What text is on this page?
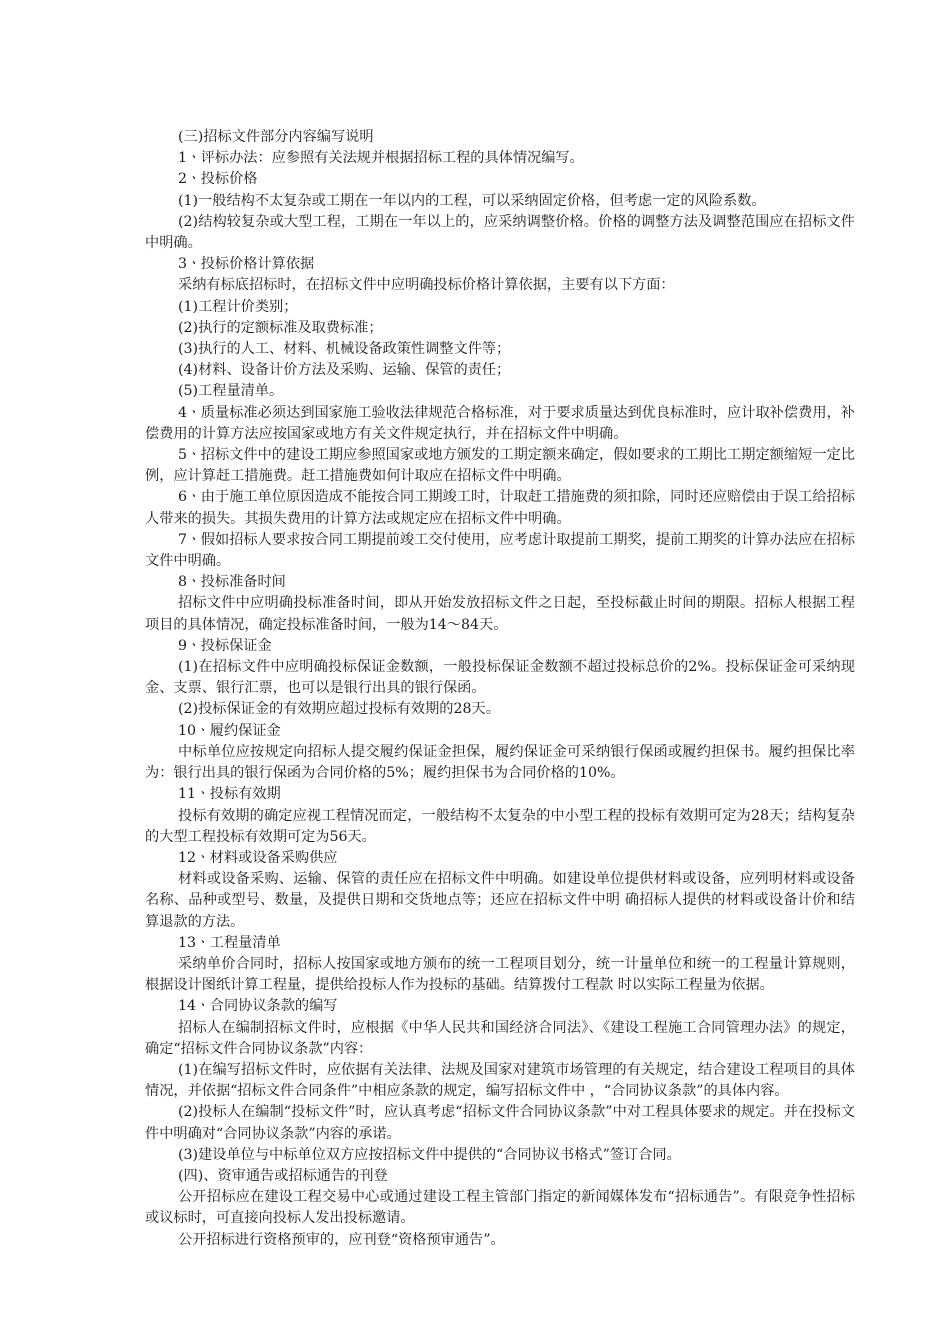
(三)招标文件部分内容编写说明

1ㆍ评标办法：应参照有关法规并根据招标工程的具体情况编写。

2ㆍ投标价格

(1)一般结构不太复杂或工期在一年以内的工程，可以采纳固定价格，但考虑一定的风险系数。

(2)结构较复杂或大型工程，工期在一年以上的，应采纳调整价格。价格的调整方法及调整范围应在招标文件中明确。

3ㆍ投标价格计算依据

采纳有标底招标时，在招标文件中应明确投标价格计算依据，主要有以下方面：

(1)工程计价类别；

(2)执行的定额标准及取费标准；

(3)执行的人工、材料、机械设备政策性调整文件等；

(4)材料、设备计价方法及采购、运输、保管的责任；

(5)工程量清单。

4ㆍ质量标准必须达到国家施工验收法律规范合格标准，对于要求质量达到优良标准时，应计取补偿费用，补偿费用的计算方法应按国家或地方有关文件规定执行，并在招标文件中明确。

5ㆍ招标文件中的建设工期应参照国家或地方颁发的工期定额来确定，假如要求的工期比工期定额缩短一定比例，应计算赶工措施费。赶工措施费如何计取应在招标文件中明确。

6ㆍ由于施工单位原因造成不能按合同工期竣工时，计取赶工措施费的须扣除，同时还应赔偿由于误工给招标人带来的损失。其损失费用的计算方法或规定应在招标文件中明确。

7ㆍ假如招标人要求按合同工期提前竣工交付使用，应考虑计取提前工期奖，提前工期奖的计算办法应在招标文件中明确。

8ㆍ投标准备时间

招标文件中应明确投标准备时间，即从开始发放招标文件之日起，至投标截止时间的期限。招标人根据工程项目的具体情况，确定投标准备时间，一般为14～84天。

9ㆍ投标保证金

(1)在招标文件中应明确投标保证金数额，一般投标保证金数额不超过投标总价的2%。投标保证金可采纳现金、支票、银行汇票，也可以是银行出具的银行保函。

(2)投标保证金的有效期应超过投标有效期的28天。

10ㆍ履约保证金

中标单位应按规定向招标人提交履约保证金担保，履约保证金可采纳银行保函或履约担保书。履约担保比率为：银行出具的银行保函为合同价格的5%；履约担保书为合同价格的10%。

11ㆍ投标有效期

投标有效期的确定应视工程情况而定，一般结构不太复杂的中小型工程的投标有效期可定为28天；结构复杂的大型工程投标有效期可定为56天。

12ㆍ材料或设备采购供应

材料或设备采购、运输、保管的责任应在招标文件中明确。如建设单位提供材料或设备，应列明材料或设备名称、品种或型号、数量，及提供日期和交货地点等；还应在招标文件中明 确招标人提供的材料或设备计价和结算退款的方法。

13ㆍ工程量清单

采纳单价合同时，招标人按国家或地方颁布的统一工程项目划分，统一计量单位和统一的工程量计算规则，根据设计图纸计算工程量，提供给投标人作为投标的基础。结算拨付工程款 时以实际工程量为依据。

14ㆍ合同协议条款的编写

招标人在编制招标文件时，应根据《中华人民共和国经济合同法》、《建设工程施工合同管理办法》的规定，确定“招标文件合同协议条款”内容：

(1)在编写招标文件时，应依据有关法律、法规及国家对建筑市场管理的有关规定，结合建设工程项目的具体情况，并依据“招标文件合同条件”中相应条款的规定，编写招标文件中 ，“合同协议条款”的具体内容。

(2)投标人在编制“投标文件”时，应认真考虑“招标文件合同协议条款”中对工程具体要求的规定。并在投标文件中明确对“合同协议条款”内容的承诺。

(3)建设单位与中标单位双方应按招标文件中提供的“合同协议书格式”签订合同。

(四)、资审通告或招标通告的刊登

公开招标应在建设工程交易中心或通过建设工程主管部门指定的新闻媒体发布“招标通告”。有限竞争性招标或议标时，可直接向投标人发出投标邀请。

公开招标进行资格预审的，应刊登“资格预审通告”。
